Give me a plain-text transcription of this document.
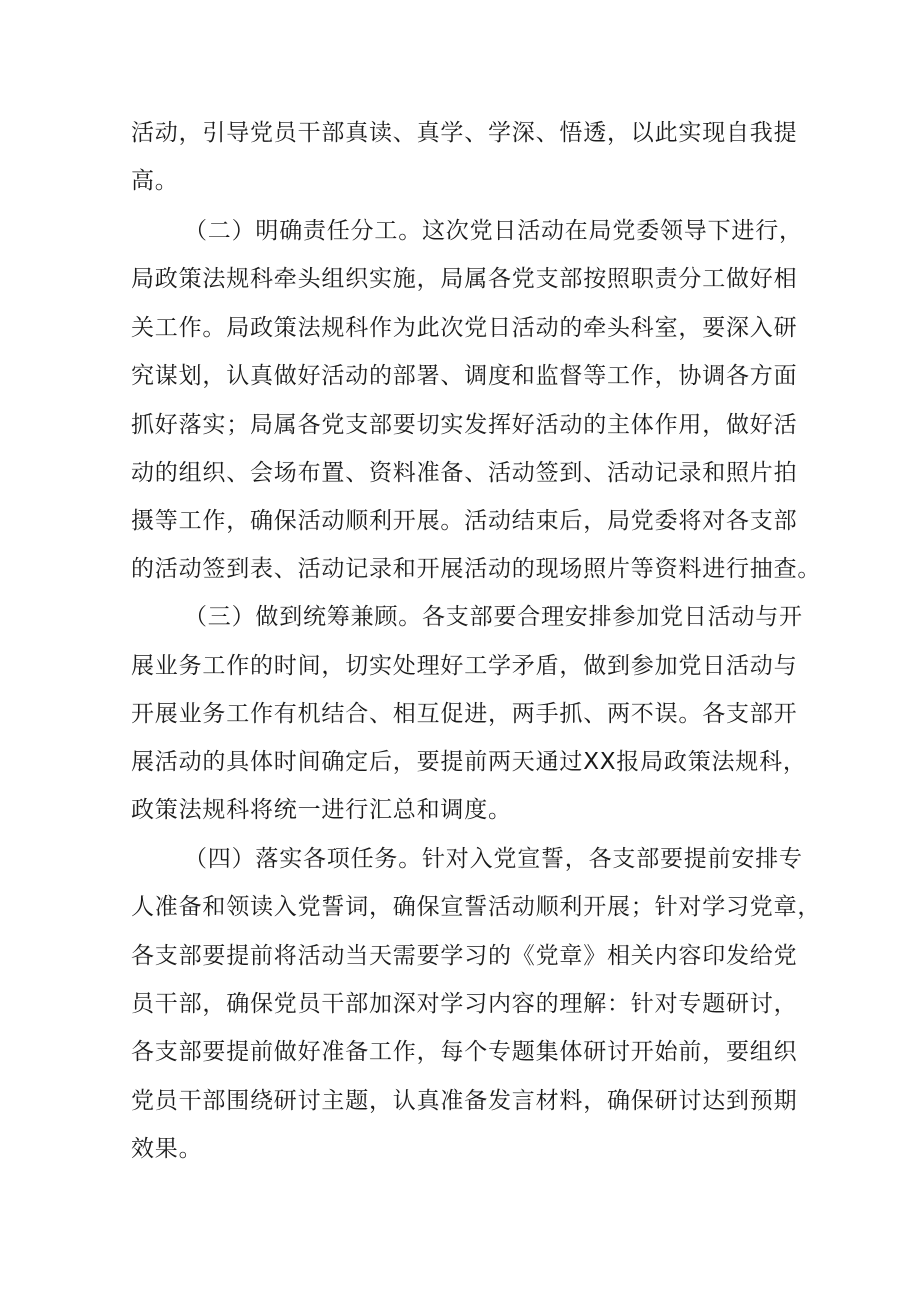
活动，引导党员干部真读、真学、学深、悟透，以此实现自我提
高。
（二）明确责任分工。这次党日活动在局党委领导下进行，
局政策法规科牵头组织实施，局属各党支部按照职责分工做好相
关工作。局政策法规科作为此次党日活动的牵头科室，要深入研
究谋划，认真做好活动的部署、调度和监督等工作，协调各方面
抓好落实；局属各党支部要切实发挥好活动的主体作用，做好活
动的组织、会场布置、资料准备、活动签到、活动记录和照片拍
摄等工作，确保活动顺利开展。活动结束后，局党委将对各支部
的活动签到表、活动记录和开展活动的现场照片等资料进行抽查。
（三）做到统筹兼顾。各支部要合理安排参加党日活动与开
展业务工作的时间，切实处理好工学矛盾，做到参加党日活动与
开展业务工作有机结合、相互促进，两手抓、两不误。各支部开
展活动的具体时间确定后，要提前两天通过XX报局政策法规科，
政策法规科将统一进行汇总和调度。
（四）落实各项任务。针对入党宣誓，各支部要提前安排专
人准备和领读入党誓词，确保宣誓活动顺利开展；针对学习党章，
各支部要提前将活动当天需要学习的《党章》相关内容印发给党
员干部，确保党员干部加深对学习内容的理解：针对专题研讨，
各支部要提前做好准备工作，每个专题集体研讨开始前，要组织
党员干部围绕研讨主题，认真准备发言材料，确保研讨达到预期
效果。
